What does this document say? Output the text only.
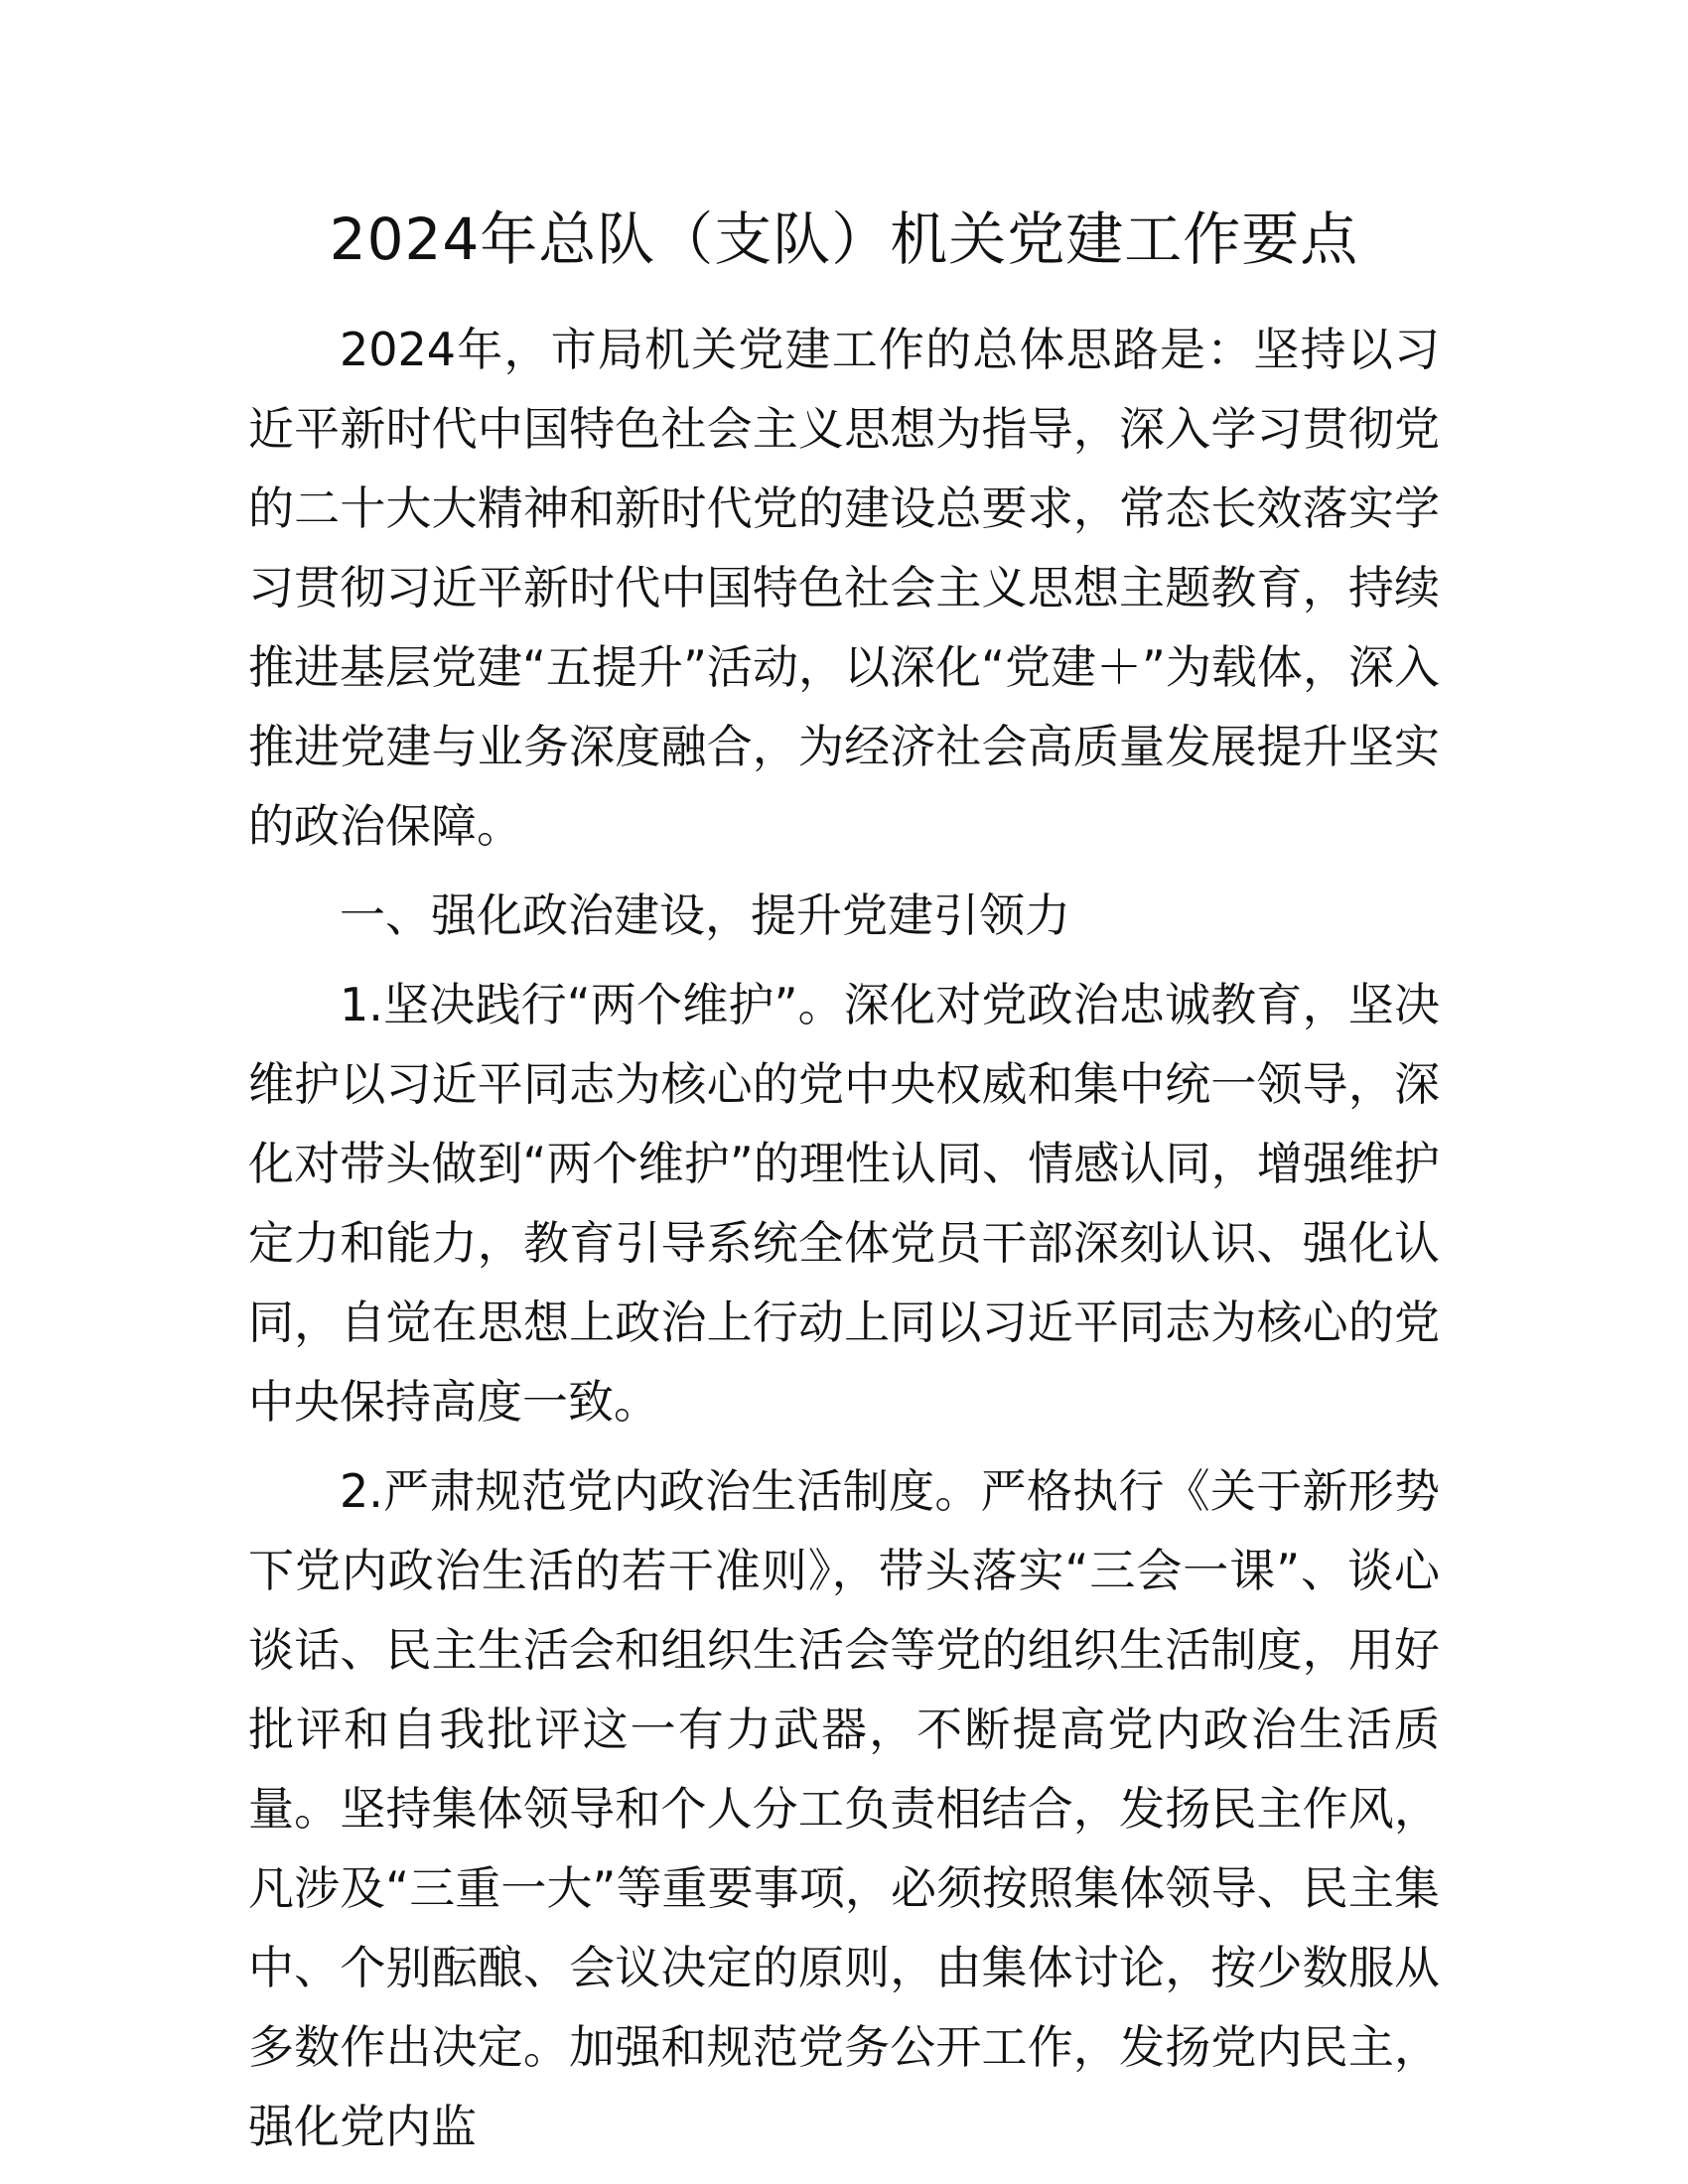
2024年总队（支队）机关党建工作要点

2024年，市局机关党建工作的总体思路是：坚持以习近平新时代中国特色社会主义思想为指导，深入学习贯彻党的二十大大精神和新时代党的建设总要求，常态长效落实学习贯彻习近平新时代中国特色社会主义思想主题教育，持续推进基层党建“五提升”活动，以深化“党建＋”为载体，深入推进党建与业务深度融合，为经济社会高质量发展提升坚实的政治保障。

一、强化政治建设，提升党建引领力

1.坚决践行“两个维护”。深化对党政治忠诚教育，坚决维护以习近平同志为核心的党中央权威和集中统一领导，深化对带头做到“两个维护”的理性认同、情感认同，增强维护定力和能力，教育引导系统全体党员干部深刻认识、强化认同，自觉在思想上政治上行动上同以习近平同志为核心的党中央保持高度一致。

2.严肃规范党内政治生活制度。严格执行《关于新形势下党内政治生活的若干准则》，带头落实“三会一课”、谈心谈话、民主生活会和组织生活会等党的组织生活制度，用好批评和自我批评这一有力武器，不断提高党内政治生活质量。坚持集体领导和个人分工负责相结合，发扬民主作风，凡涉及“三重一大”等重要事项，必须按照集体领导、民主集中、个别酝酿、会议决定的原则，由集体讨论，按少数服从多数作出决定。加强和规范党务公开工作，发扬党内民主，强化党内监
